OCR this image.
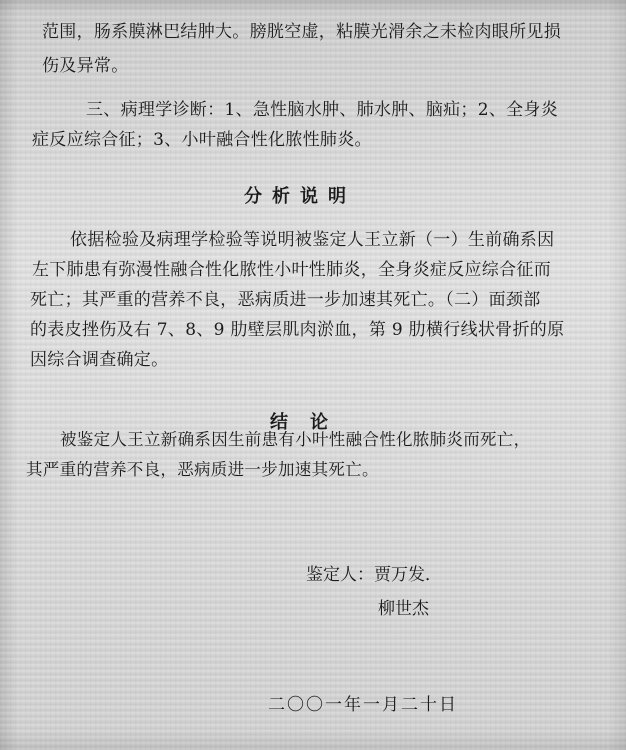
范围，肠系膜淋巴结肿大。膀胱空虚，粘膜光滑余之未检肉眼所见损
伤及异常。
三、病理学诊断：1、急性脑水肿、肺水肿、脑疝；2、全身炎
症反应综合征；3、小叶融合性化脓性肺炎。
分析说明
依据检验及病理学检验等说明被鉴定人王立新（一）生前确系因
左下肺患有弥漫性融合性化脓性小叶性肺炎，全身炎症反应综合征而
死亡；其严重的营养不良，恶病质进一步加速其死亡。（二）面颈部
的表皮挫伤及右 7、8、9 肋壁层肌肉淤血，第 9 肋横行线状骨折的原
因综合调查确定。
结论
被鉴定人王立新确系因生前患有小叶性融合性化脓肺炎而死亡，
其严重的营养不良，恶病质进一步加速其死亡。
鉴定人：贾万发．
柳世杰
二〇〇一年一月二十日
